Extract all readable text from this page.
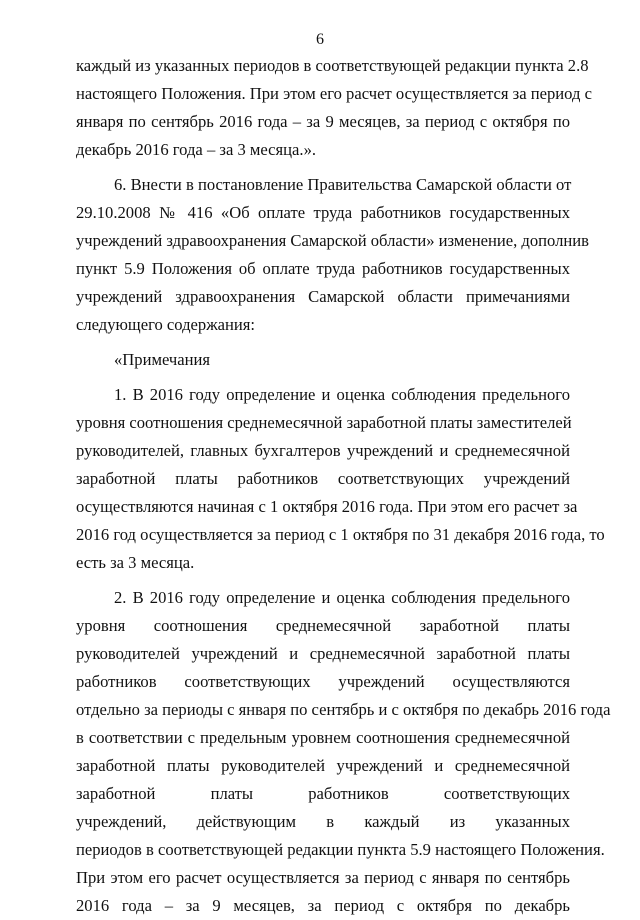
6
каждый из указанных периодов в соответствующей редакции пункта 2.8
настоящего Положения. При этом его расчет осуществляется за период с
января по сентябрь 2016 года – за 9 месяцев, за период с октября по
декабрь 2016 года – за 3 месяца.».
6. Внести в постановление Правительства Самарской области от
29.10.2008 № 416 «Об оплате труда работников государственных
учреждений здравоохранения Самарской области» изменение, дополнив
пункт 5.9 Положения об оплате труда работников государственных
учреждений здравоохранения Самарской области примечаниями
следующего содержания:
«Примечания
1. В 2016 году определение и оценка соблюдения предельного
уровня соотношения среднемесячной заработной платы заместителей
руководителей, главных бухгалтеров учреждений и среднемесячной
заработной платы работников соответствующих учреждений
осуществляются начиная с 1 октября 2016 года. При этом его расчет за
2016 год осуществляется за период с 1 октября по 31 декабря 2016 года, то
есть за 3 месяца.
2. В 2016 году определение и оценка соблюдения предельного
уровня соотношения среднемесячной заработной платы
руководителей учреждений и среднемесячной заработной платы
работников соответствующих учреждений осуществляются
отдельно за периоды с января по сентябрь и с октября по декабрь 2016 года
в соответствии с предельным уровнем соотношения среднемесячной
заработной платы руководителей учреждений и среднемесячной
заработной платы работников соответствующих
учреждений, действующим в каждый из указанных
периодов в соответствующей редакции пункта 5.9 настоящего Положения.
При этом его расчет осуществляется за период с января по сентябрь
2016 года – за 9 месяцев, за период с октября по декабрь
